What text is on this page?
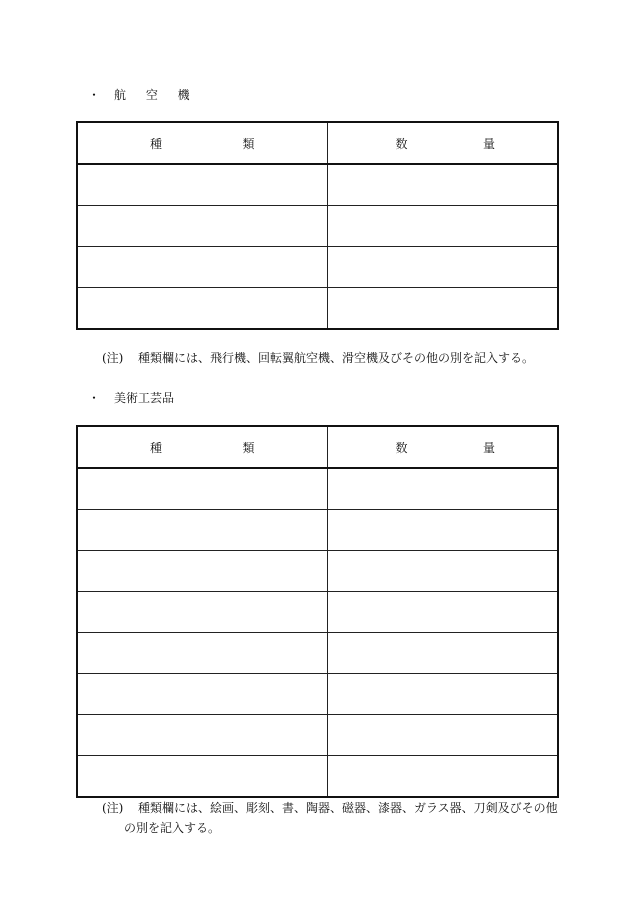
・ 航 空 機
種 類	数 量

(注) 種類欄には、飛行機、回転翼航空機、滑空機及びその他の別を記入する。
・ 美術工芸品
種 類	数 量

(注) 種類欄には、絵画、彫刻、書、陶器、磁器、漆器、ガラス器、刀剣及びその他
の別を記入する。
